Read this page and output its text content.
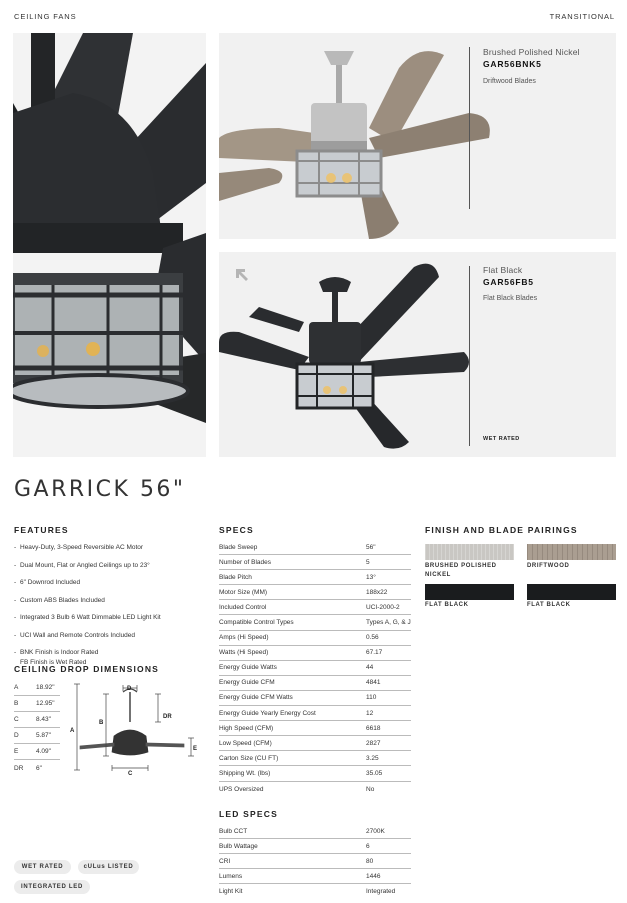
CEILING FANS	TRANSITIONAL
Brushed Polished Nickel
GAR56BNK5
Driftwood Blades
Flat Black
GAR56FB5
Flat Black Blades
WET RATED
GARRICK 56"
FEATURES
- Heavy-Duty, 3-Speed Reversible AC Motor
- Dual Mount, Flat or Angled Ceilings up to 23°
- 6" Downrod Included
- Custom ABS Blades Included
- Integrated 3 Bulb 6 Watt Dimmable LED Light Kit
- UCI Wall and Remote Controls Included
- BNK Finish is Indoor Rated
FB Finish is Wet Rated
CEILING DROP DIMENSIONS
A	18.92"
B	12.95"
C	8.43"
D	5.87"
E	4.09"
DR	6"
D
A
B
DR
E
C
SPECS
Blade Sweep	56"
Number of Blades	5
Blade Pitch	13°
Motor Size (MM)	188x22
Included Control	UCI-2000-2
Compatible Control Types	Types A, G, & J
Amps (Hi Speed)	0.56
Watts (Hi Speed)	67.17
Energy Guide Watts	44
Energy Guide CFM	4841
Energy Guide CFM Watts	110
Energy Guide Yearly Energy Cost	12
High Speed (CFM)	6618
Low Speed (CFM)	2827
Carton Size (CU FT)	3.25
Shipping Wt. (lbs)	35.05
UPS Oversized	No
LED SPECS
Bulb CCT	2700K
Bulb Wattage	6
CRI	80
Lumens	1446
Light Kit	Integrated
FINISH AND BLADE PAIRINGS
BRUSHED POLISHED
NICKEL
DRIFTWOOD
FLAT BLACK	FLAT BLACK
WET RATED	cULus LISTED
INTEGRATED LED
